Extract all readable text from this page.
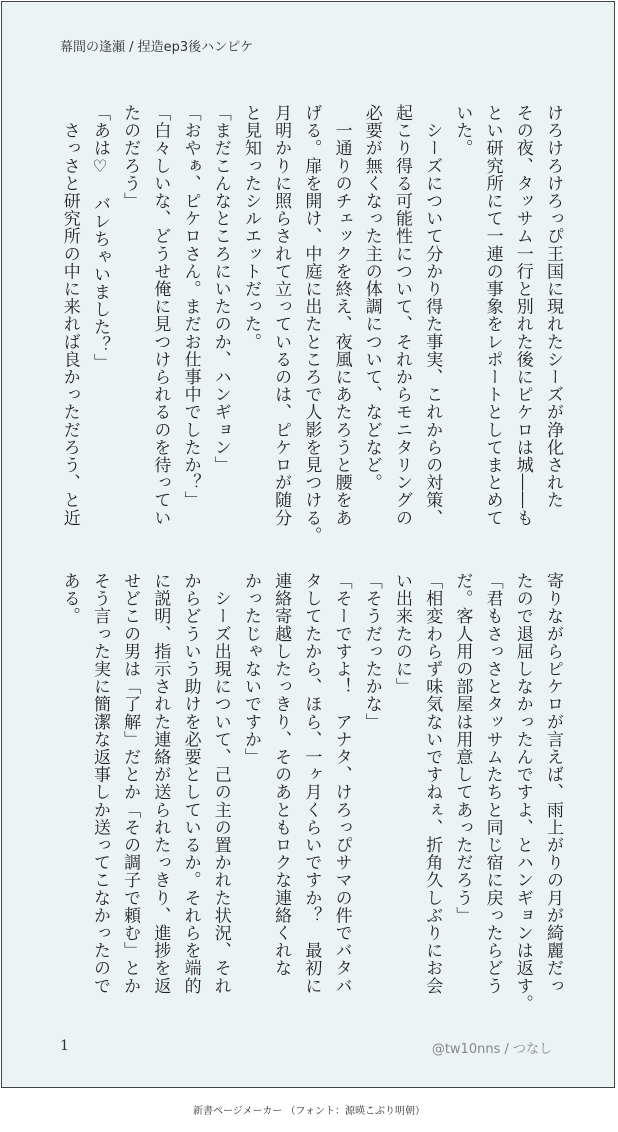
幕間の逢瀬 / 捏造ep3後ハンピケ
けろけろけろっぴ王国に現れたシーズが浄化された
その夜、タッサム一行と別れた後にピケロは城――も
とい研究所にて一連の事象をレポートとしてまとめて
いた。
　シーズについて分かり得た事実、これからの対策、
起こり得る可能性について、それからモニタリングの
必要が無くなった主の体調について、などなど。
　一通りのチェックを終え、夜風にあたろうと腰をあ
げる。扉を開け、中庭に出たところで人影を見つける。
月明かりに照らされて立っているのは、ピケロが随分
と見知ったシルエットだった。
「まだこんなところにいたのか、ハンギョン」
「おやぁ、ピケロさん。まだお仕事中でしたか？」
「白々しいな、どうせ俺に見つけられるのを待ってい
たのだろう」
「あは♡　バレちゃいました？」
　さっさと研究所の中に来れば良かっただろう、と近
寄りながらピケロが言えば、雨上がりの月が綺麗だっ
たので退屈しなかったんですよ、とハンギョンは返す。
「君もさっさとタッサムたちと同じ宿に戻ったらどう
だ。客人用の部屋は用意してあっただろう」
「相変わらず味気ないですねぇ、折角久しぶりにお会
い出来たのに」
「そうだったかな」
「そーですよ！　アナタ、けろっぴサマの件でバタバ
タしてたから、ほら、一ヶ月くらいですか？　最初に
連絡寄越したっきり、そのあともロクな連絡くれな
かったじゃないですか」
　シーズ出現について、己の主の置かれた状況、それ
からどういう助けを必要としているか。それらを端的
に説明、指示された連絡が送られたっきり、進捗を返
せどこの男は「了解」だとか「その調子で頼む」とか
そう言った実に簡潔な返事しか送ってこなかったので
ある。
1	@tw10nns / つなし
新書ページメーカー （フォント：源暎こぶり明朝）
